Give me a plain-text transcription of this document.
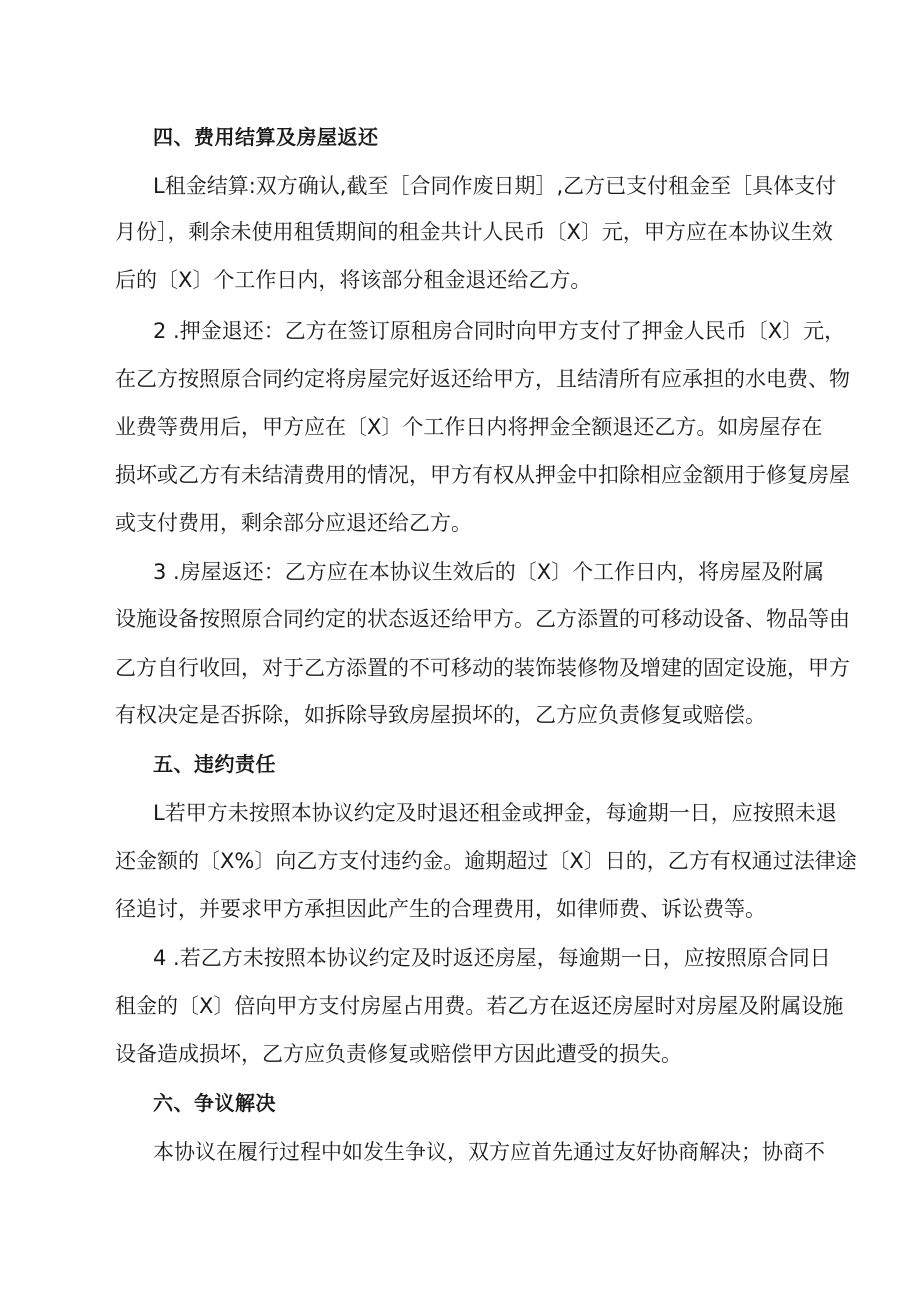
四、费用结算及房屋返还
L租金结算:双方确认,截至［合同作废日期］,乙方已支付租金至［具体支付
月份］，剩余未使用租赁期间的租金共计人民币〔X〕元，甲方应在本协议生效
后的〔X〕个工作日内，将该部分租金退还给乙方。
2 .押金退还：乙方在签订原租房合同时向甲方支付了押金人民币〔X〕元，
在乙方按照原合同约定将房屋完好返还给甲方，且结清所有应承担的水电费、物
业费等费用后，甲方应在〔X〕个工作日内将押金全额退还乙方。如房屋存在
损坏或乙方有未结清费用的情况，甲方有权从押金中扣除相应金额用于修复房屋
或支付费用，剩余部分应退还给乙方。
3 .房屋返还：乙方应在本协议生效后的〔X〕个工作日内，将房屋及附属
设施设备按照原合同约定的状态返还给甲方。乙方添置的可移动设备、物品等由
乙方自行收回，对于乙方添置的不可移动的装饰装修物及增建的固定设施，甲方
有权决定是否拆除，如拆除导致房屋损坏的，乙方应负责修复或赔偿。
五、违约责任
L若甲方未按照本协议约定及时退还租金或押金，每逾期一日，应按照未退
还金额的〔X%〕向乙方支付违约金。逾期超过〔X〕日的，乙方有权通过法律途
径追讨，并要求甲方承担因此产生的合理费用，如律师费、诉讼费等。
4 .若乙方未按照本协议约定及时返还房屋，每逾期一日，应按照原合同日
租金的〔X〕倍向甲方支付房屋占用费。若乙方在返还房屋时对房屋及附属设施
设备造成损坏，乙方应负责修复或赔偿甲方因此遭受的损失。
六、争议解决
本协议在履行过程中如发生争议，双方应首先通过友好协商解决；协商不
